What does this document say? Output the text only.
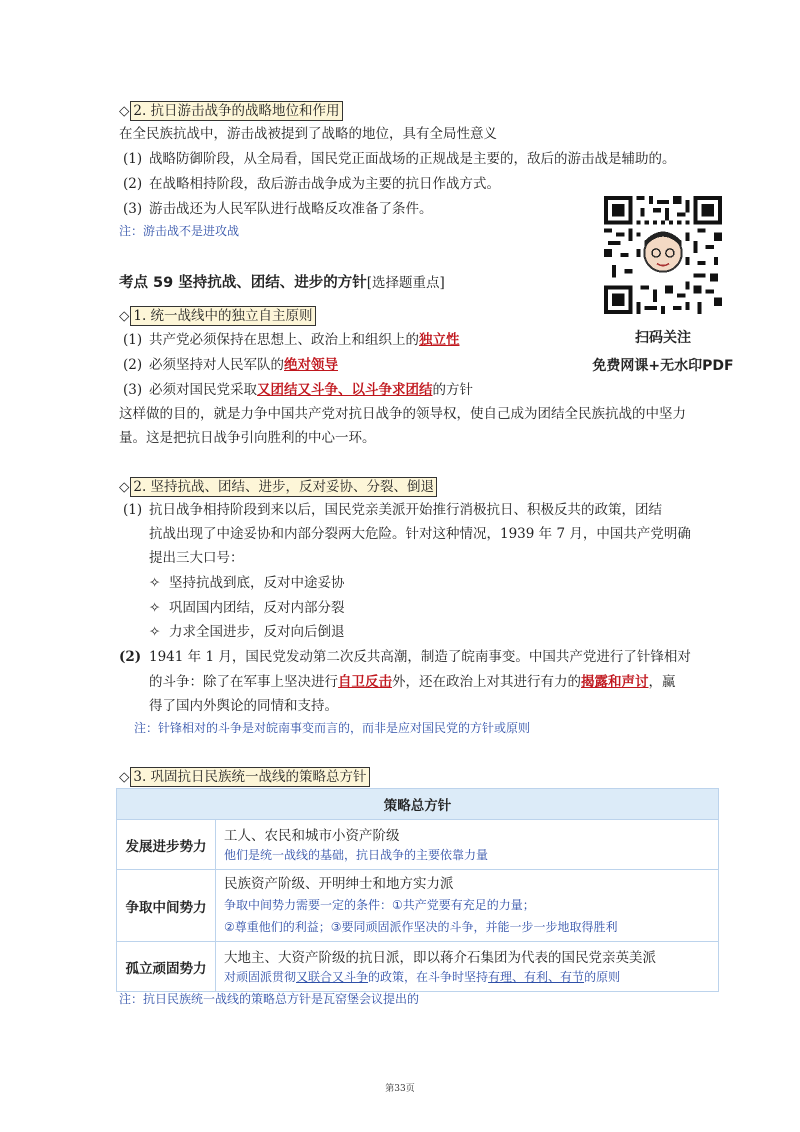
◇ 2. 抗日游击战争的战略地位和作用
在全民族抗战中，游击战被提到了战略的地位，具有全局性意义
(1) 战略防御阶段，从全局看，国民党正面战场的正规战是主要的，敌后的游击战是辅助的。
(2) 在战略相持阶段，敌后游击战争成为主要的抗日作战方式。
(3) 游击战还为人民军队进行战略反攻准备了条件。
注：游击战不是进攻战
扫码关注
免费网课+无水印PDF
考点 59 坚持抗战、团结、进步的方针[选择题重点]
◇ 1. 统一战线中的独立自主原则
(1) 共产党必须保持在思想上、政治上和组织上的独立性
(2) 必须坚持对人民军队的绝对领导
(3) 必须对国民党采取又团结又斗争、以斗争求团结的方针
这样做的目的，就是力争中国共产党对抗日战争的领导权，使自己成为团结全民族抗战的中坚力
量。这是把抗日战争引向胜利的中心一环。
◇ 2. 坚持抗战、团结、进步，反对妥协、分裂、倒退
(1) 抗日战争相持阶段到来以后，国民党亲美派开始推行消极抗日、积极反共的政策，团结
抗战出现了中途妥协和内部分裂两大危险。针对这种情况，1939 年 7 月，中国共产党明确
提出三大口号：
✧ 坚持抗战到底，反对中途妥协
✧ 巩固国内团结，反对内部分裂
✧ 力求全国进步，反对向后倒退
(2) 1941 年 1 月，国民党发动第二次反共高潮，制造了皖南事变。中国共产党进行了针锋相对
的斗争：除了在军事上坚决进行自卫反击外，还在政治上对其进行有力的揭露和声讨，赢
得了国内外舆论的同情和支持。
注：针锋相对的斗争是对皖南事变而言的，而非是应对国民党的方针或原则
◇ 3. 巩固抗日民族统一战线的策略总方针
策略总方针	
发展进步势力	工人、农民和城市小资产阶级
他们是统一战线的基础，抗日战争的主要依靠力量

争取中间势力	民族资产阶级、开明绅士和地方实力派
争取中间势力需要一定的条件：①共产党要有充足的力量；
②尊重他们的利益；③要同顽固派作坚决的斗争，并能一步一步地取得胜利

孤立顽固势力	大地主、大资产阶级的抗日派，即以蒋介石集团为代表的国民党亲英美派
对顽固派贯彻又联合又斗争的政策，在斗争时坚持有理、有利、有节的原则
注：抗日民族统一战线的策略总方针是瓦窑堡会议提出的
第33页
